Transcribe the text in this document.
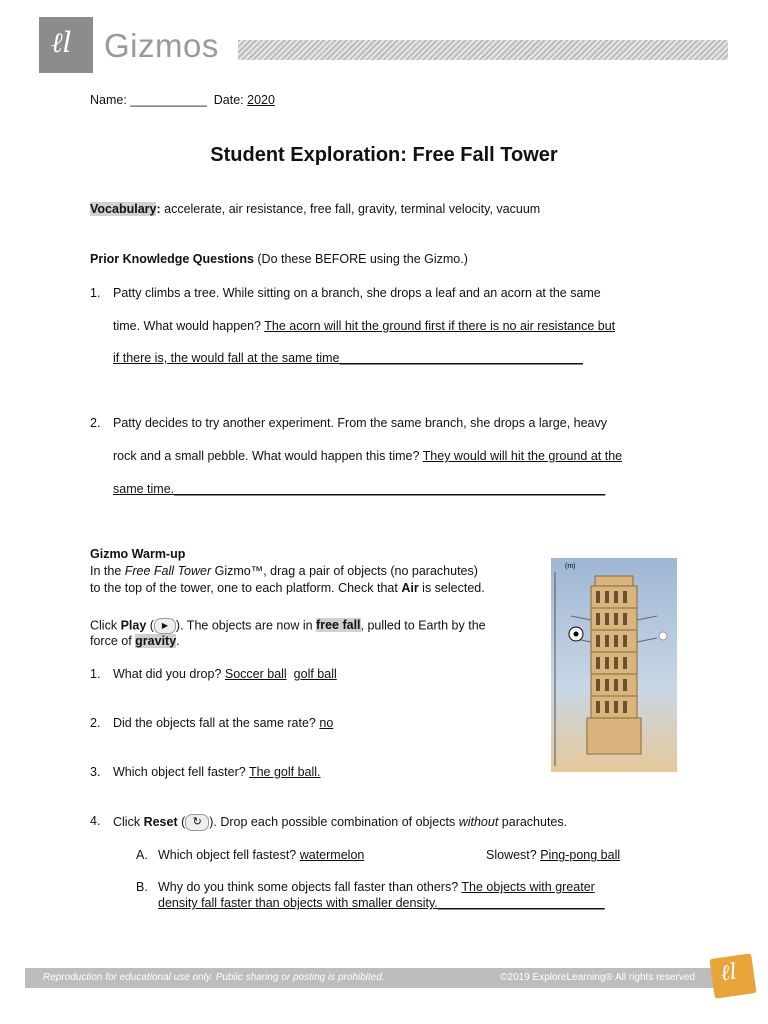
ℓl Gizmos
Name: ___________ Date: 2020
Student Exploration: Free Fall Tower
Vocabulary: accelerate, air resistance, free fall, gravity, terminal velocity, vacuum
Prior Knowledge Questions (Do these BEFORE using the Gizmo.)
1. Patty climbs a tree. While sitting on a branch, she drops a leaf and an acorn at the same
time. What would happen? The acorn will hit the ground first if there is no air resistance but
if there is, the would fall at the same time___________________________________
2. Patty decides to try another experiment. From the same branch, she drops a large, heavy
rock and a small pebble. What would happen this time? They would will hit the ground at the
same time.______________________________________________________________
Gizmo Warm-up
In the Free Fall Tower Gizmo™, drag a pair of objects (no parachutes)
to the top of the tower, one to each platform. Check that Air is selected.
Click Play ( ▶ ). The objects are now in free fall, pulled to Earth by the
force of gravity.
(m)
1. What did you drop? Soccer ball golf ball
2. Did the objects fall at the same rate? no
3. Which object fell faster? The golf ball.
4. Click Reset ( ↻ ). Drop each possible combination of objects without parachutes.
A. Which object fell fastest? watermelon	Slowest? Ping-pong ball
B. Why do you think some objects fall faster than others? The objects with greater
density fall faster than objects with smaller density.________________________
Reproduction for educational use only. Public sharing or posting is prohibited.	©2019 ExploreLearning® All rights reserved ℓl
